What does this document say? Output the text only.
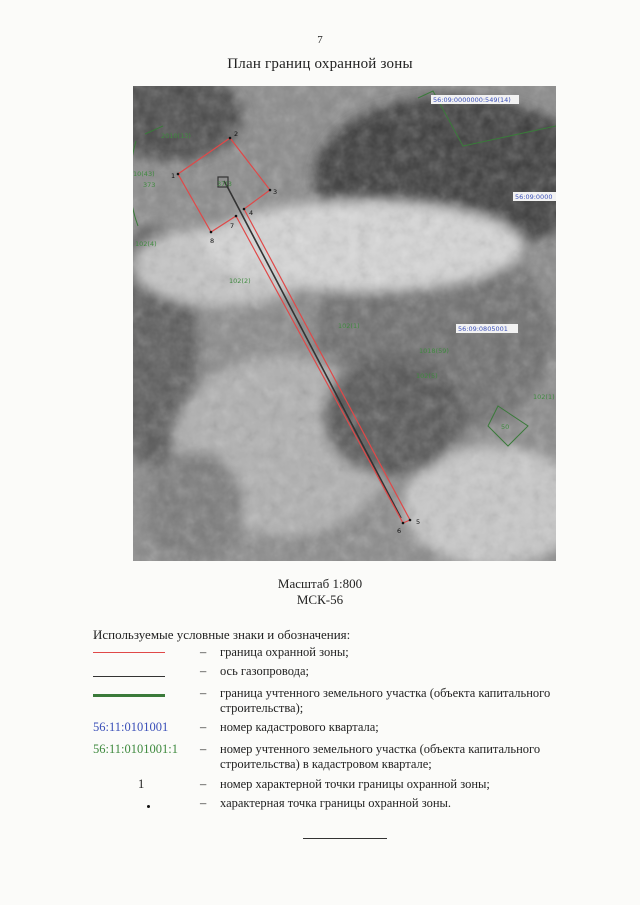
7
План границ охранной зоны
1
2
3
4
5
6
7
8
56:09:0000000:549(14)
56:09:0000
56:09:0805001
2010(13)
10(43)
373
102(4)
102(2)
102(1)
1018(59)
102(5)
102(1)
37(3
50
Масштаб 1:800
МСК-56
Используемые условные знаки и обозначения:
– граница охранной зоны;
– ось газопровода;
– граница учтенного земельного участка (объекта капитального строительства);
56:11:0101001	– номер кадастрового квартала;
56:11:0101001:1 – номер учтенного земельного участка (объекта капитального строительства) в кадастровом квартале;
1	– номер характерной точки границы охранной зоны;
– характерная точка границы охранной зоны.
